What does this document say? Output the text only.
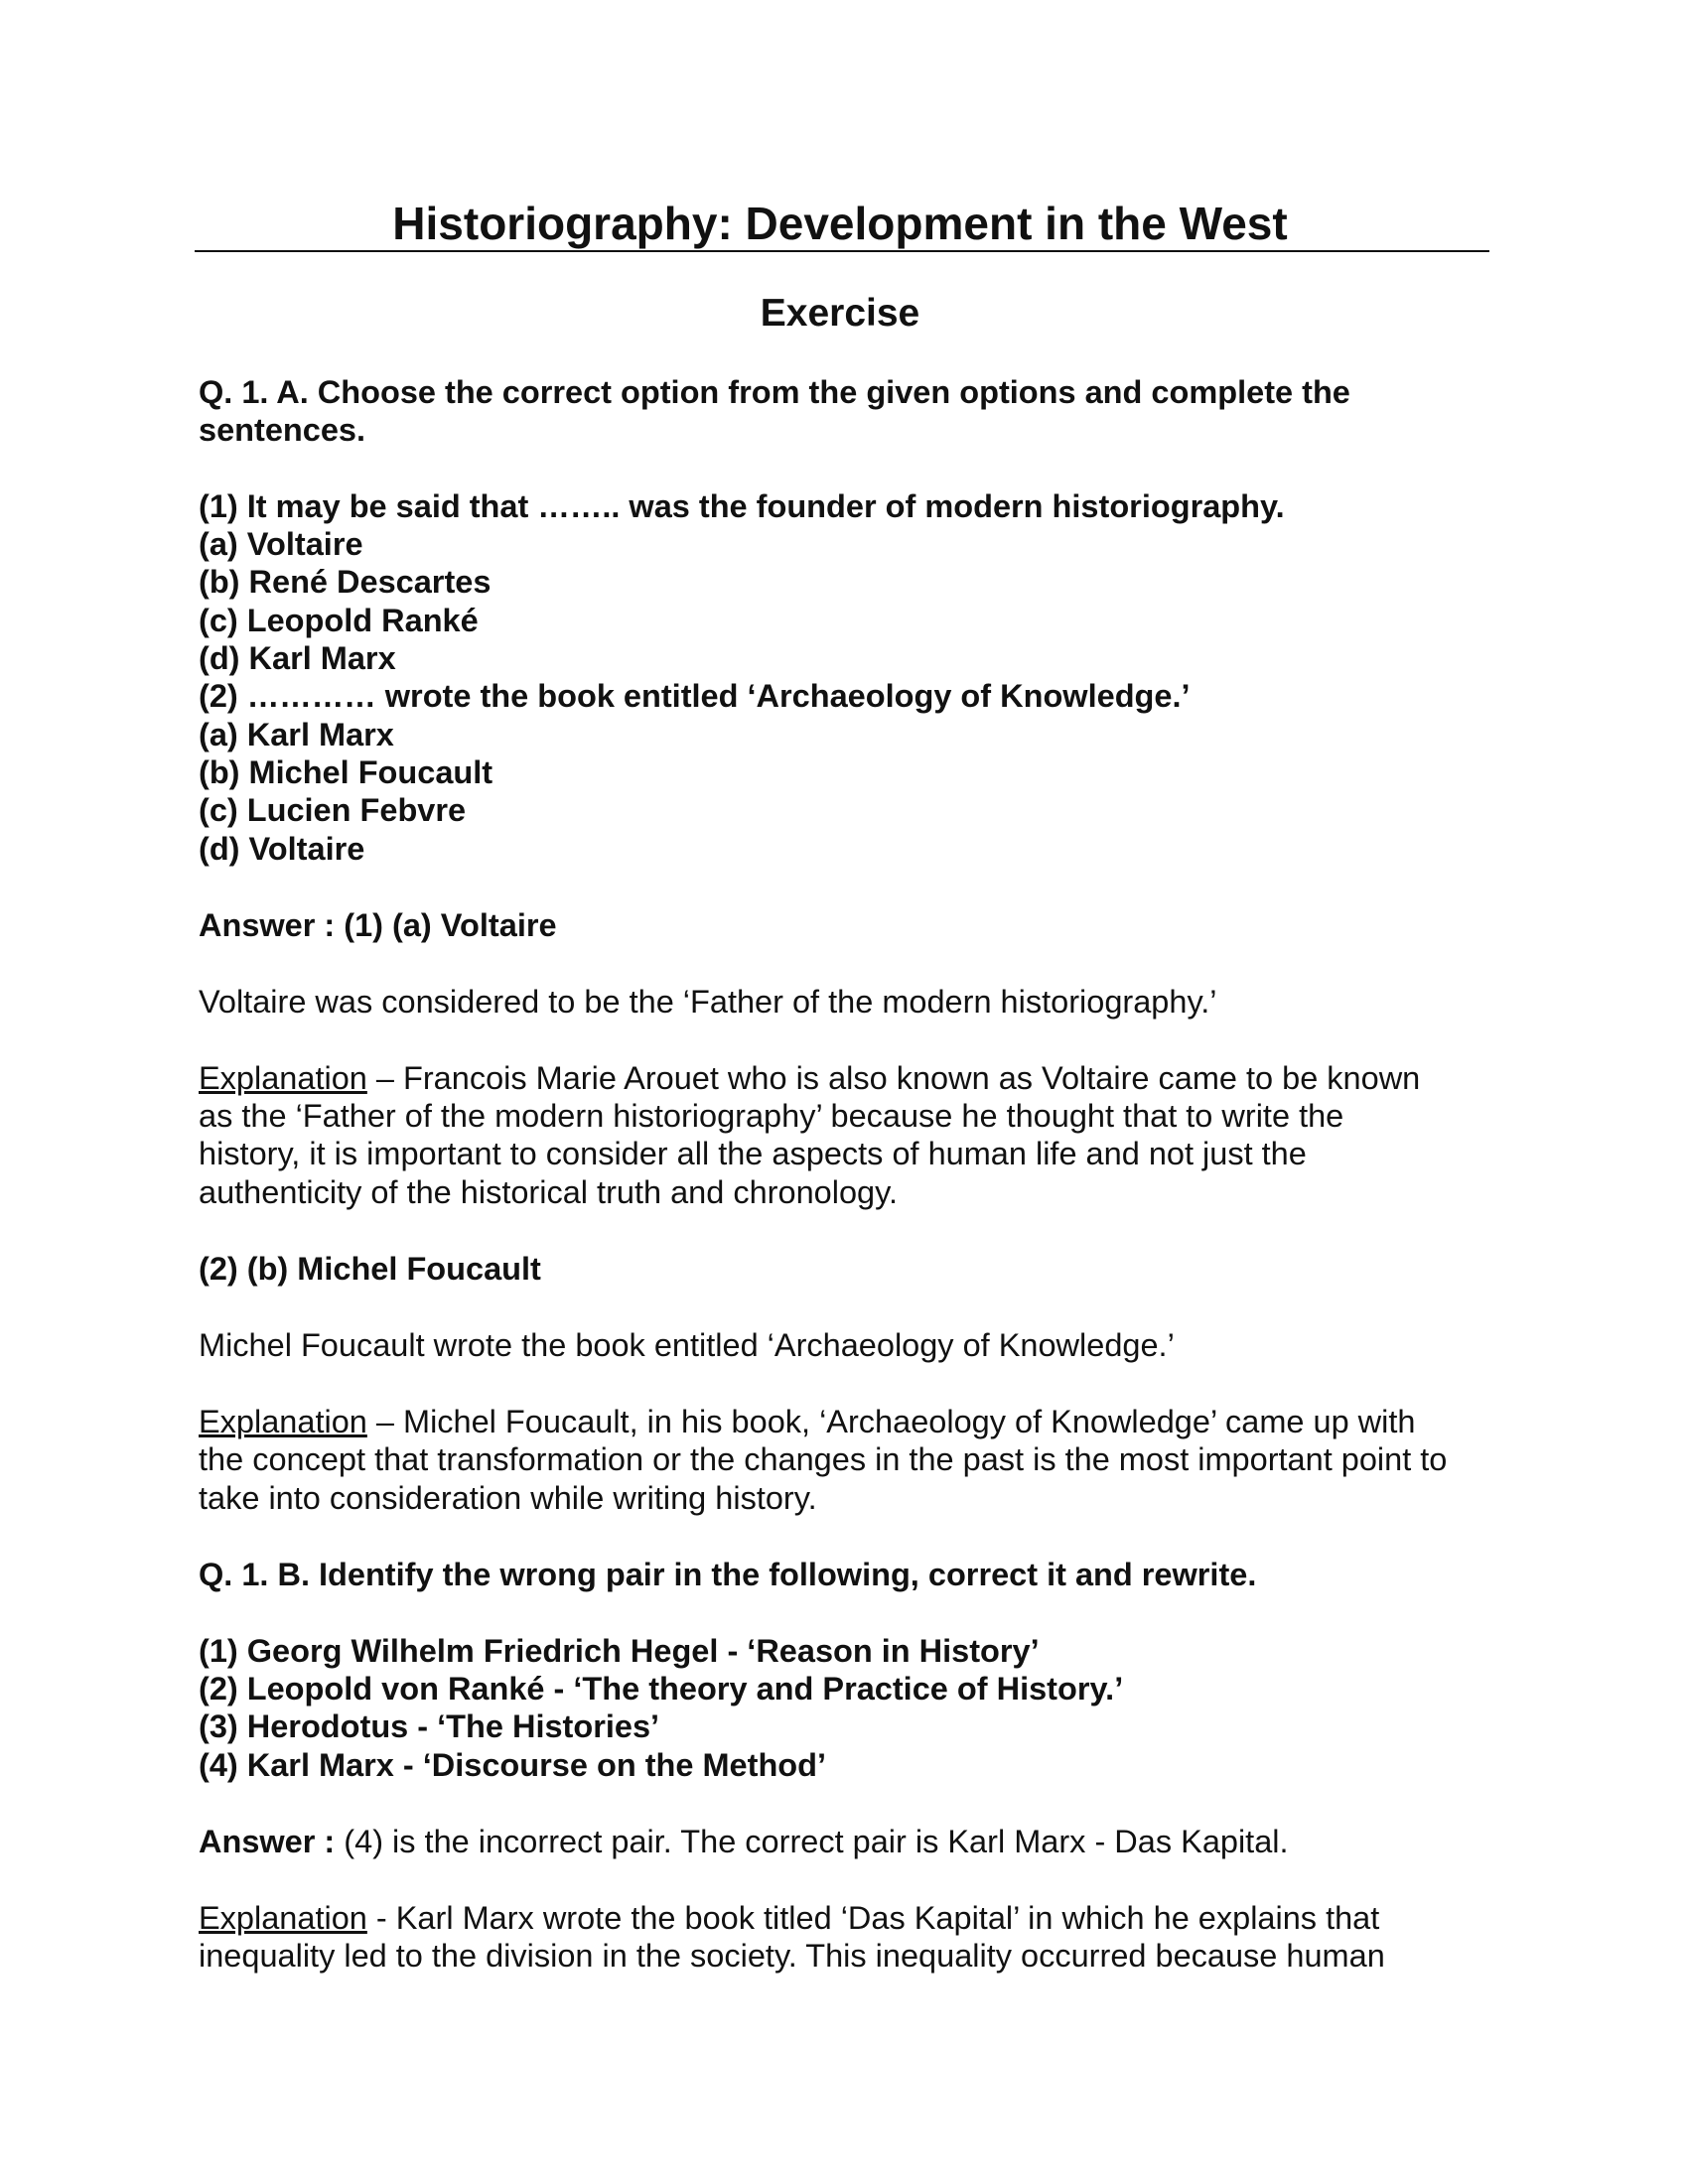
Historiography: Development in the West
Exercise
Q. 1. A. Choose the correct option from the given options and complete the
sentences.
(1) It may be said that …….. was the founder of modern historiography.
(a) Voltaire
(b) René Descartes
(c) Leopold Ranké
(d) Karl Marx
(2) ………… wrote the book entitled ‘Archaeology of Knowledge.’
(a) Karl Marx
(b) Michel Foucault
(c) Lucien Febvre
(d) Voltaire
Answer : (1) (a) Voltaire
Voltaire was considered to be the ‘Father of the modern historiography.’
Explanation – Francois Marie Arouet who is also known as Voltaire came to be known
as the ‘Father of the modern historiography’ because he thought that to write the
history, it is important to consider all the aspects of human life and not just the
authenticity of the historical truth and chronology.
(2) (b) Michel Foucault
Michel Foucault wrote the book entitled ‘Archaeology of Knowledge.’
Explanation – Michel Foucault, in his book, ‘Archaeology of Knowledge’ came up with
the concept that transformation or the changes in the past is the most important point to
take into consideration while writing history.
Q. 1. B. Identify the wrong pair in the following, correct it and rewrite.
(1) Georg Wilhelm Friedrich Hegel - ‘Reason in History’
(2) Leopold von Ranké - ‘The theory and Practice of History.’
(3) Herodotus - ‘The Histories’
(4) Karl Marx - ‘Discourse on the Method’
Answer : (4) is the incorrect pair. The correct pair is Karl Marx - Das Kapital.
Explanation - Karl Marx wrote the book titled ‘Das Kapital’ in which he explains that
inequality led to the division in the society. This inequality occurred because human
